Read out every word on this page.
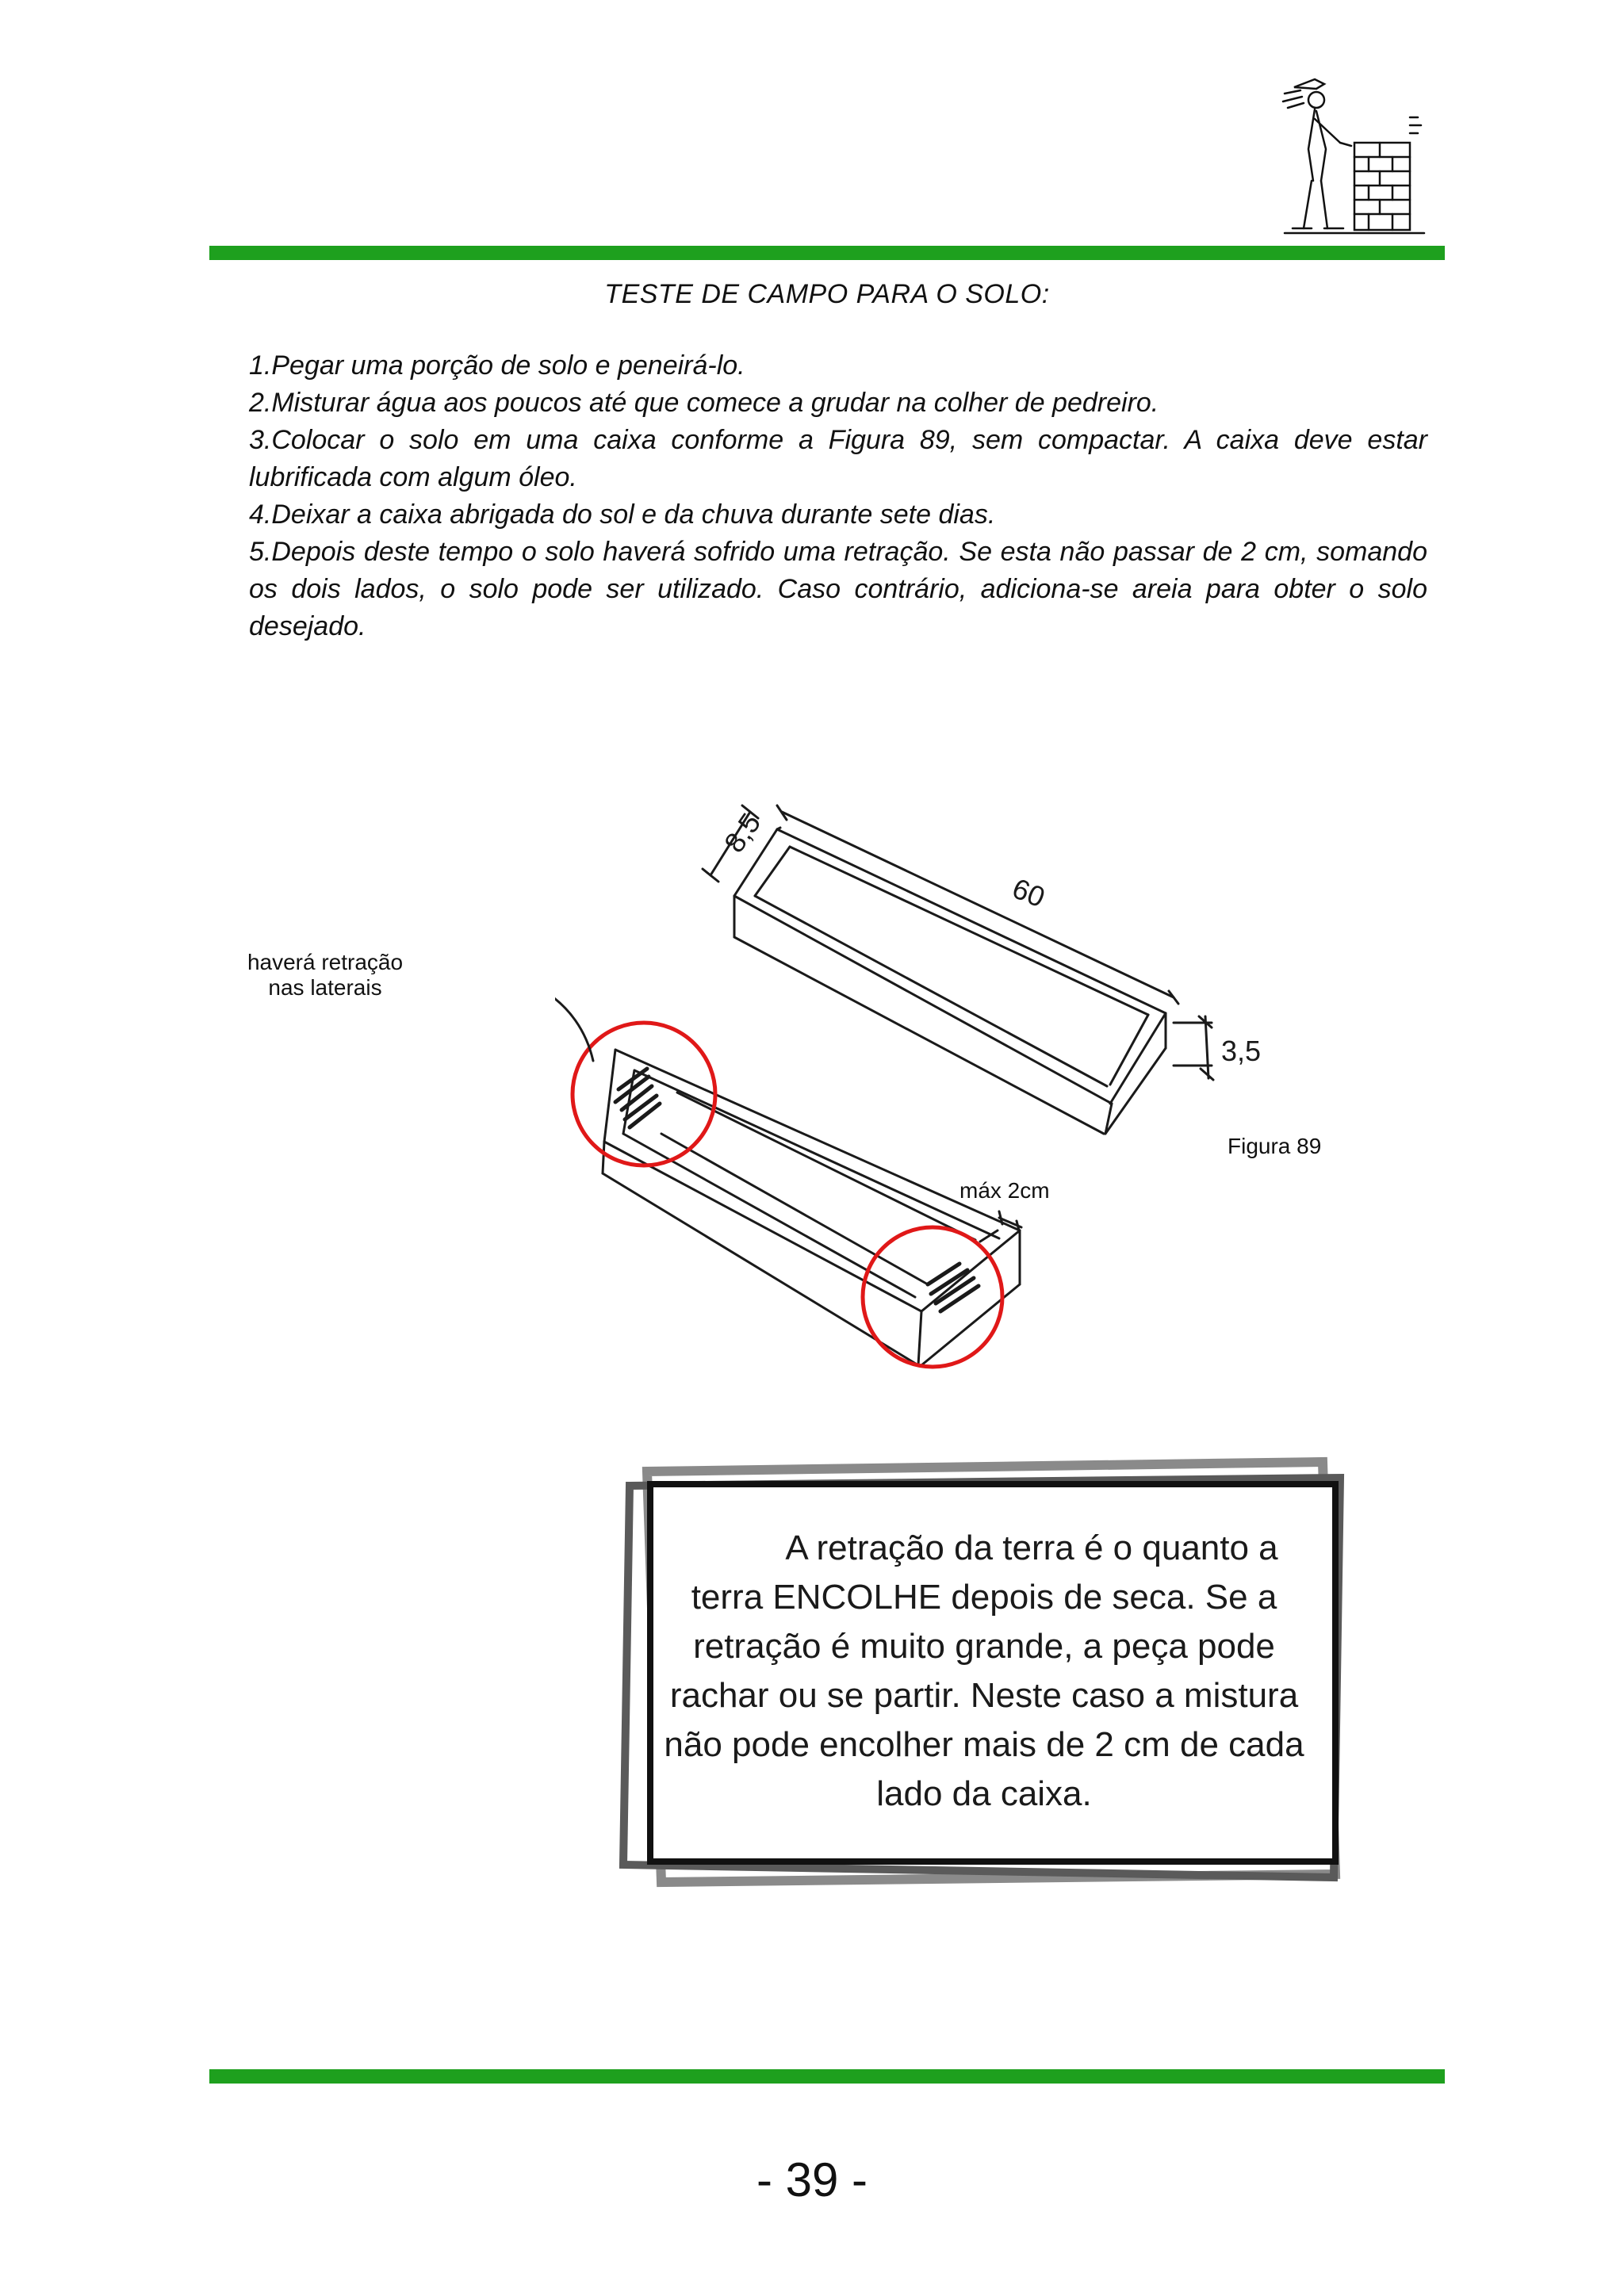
TESTE DE CAMPO PARA O SOLO:
1.Pegar uma porção de solo e peneirá-lo.
2.Misturar água aos poucos até que comece a grudar na colher de pedreiro.
3.Colocar o solo em uma caixa conforme a Figura 89, sem compactar. A caixa deve estar lubrificada com algum óleo.
4.Deixar a caixa abrigada do sol e da chuva durante sete dias.
5.Depois deste tempo o solo haverá sofrido uma retração. Se esta não passar de 2 cm, somando os dois lados, o solo pode ser utilizado. Caso contrário, adiciona-se areia para obter o solo desejado.
8,5
60
3,5
haverá retração nas laterais
Figura 89
máx 2cm
A retração da terra é o quanto a terra ENCOLHE depois de seca. Se a retração é muito grande, a peça pode rachar ou se partir. Neste caso a mistura não pode encolher mais de 2 cm de cada lado da caixa.
- 39 -
